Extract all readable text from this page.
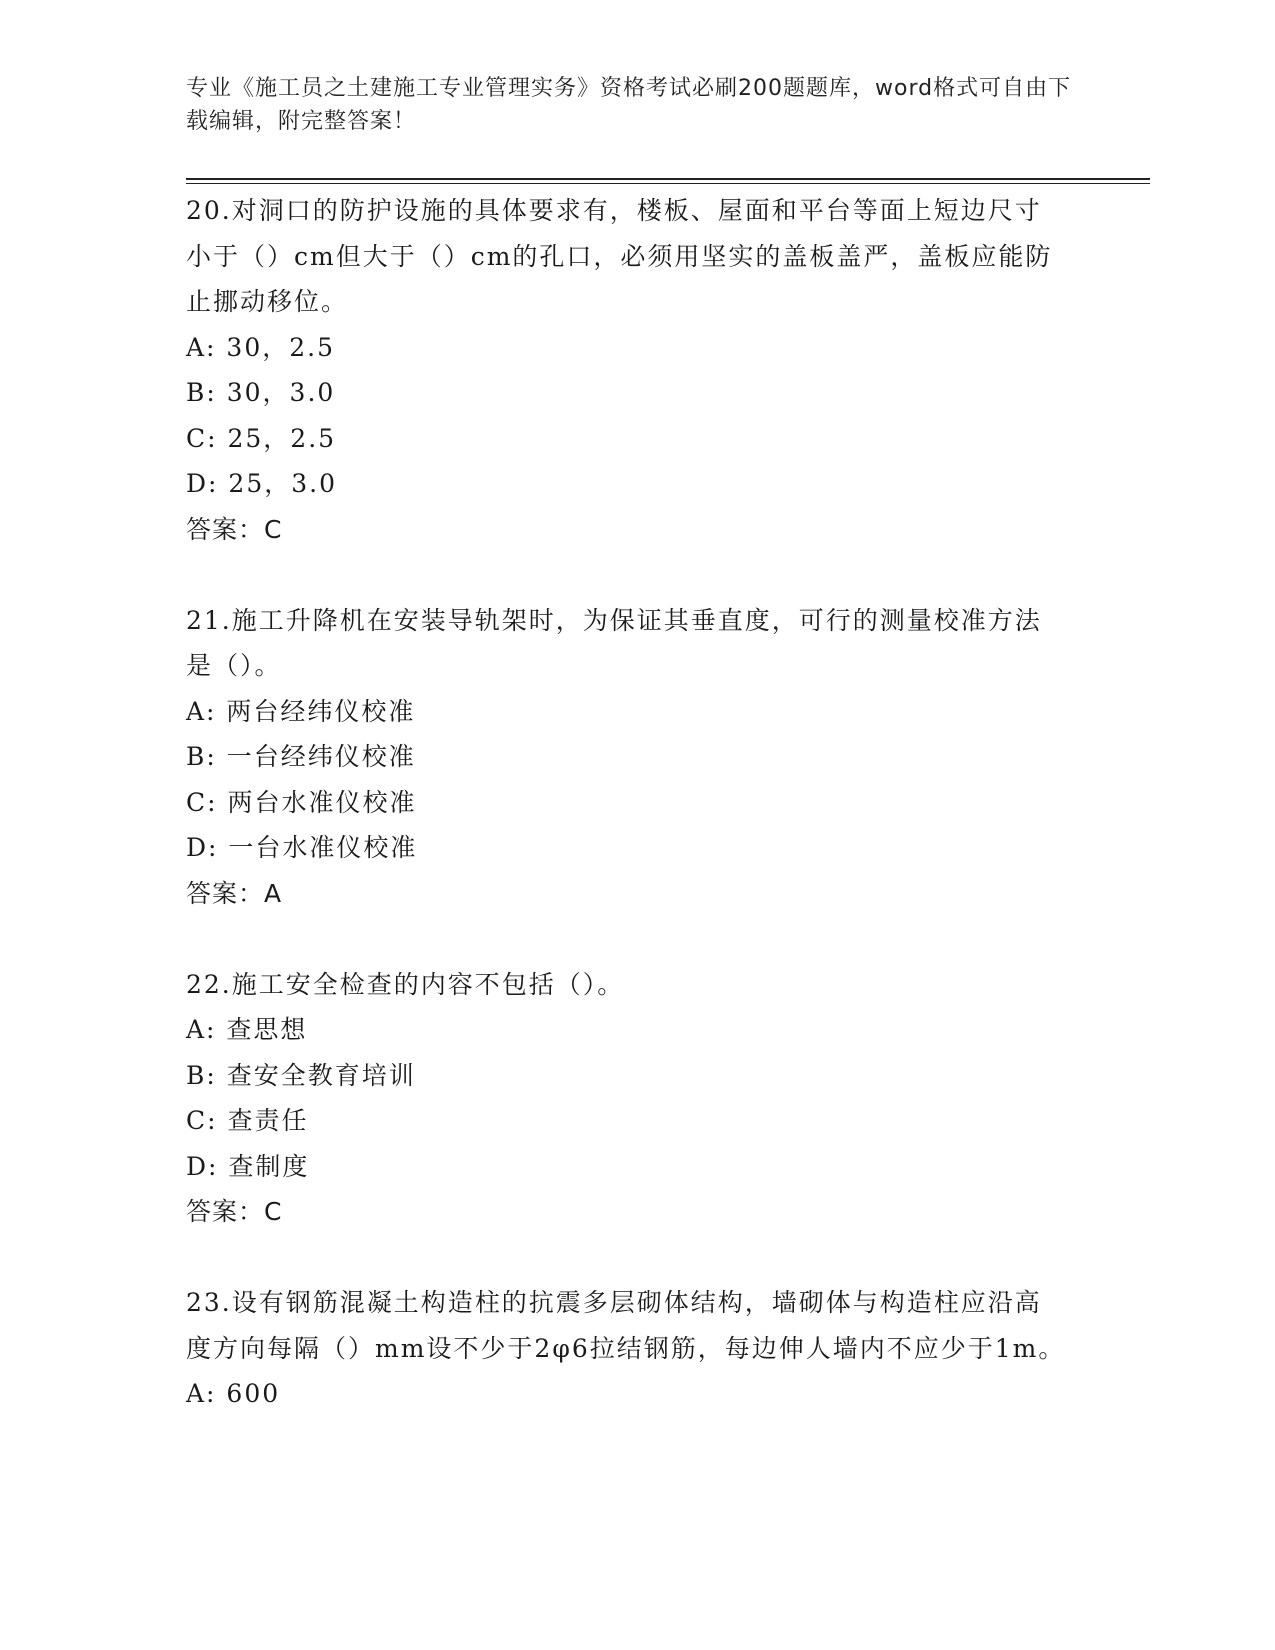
专业《施工员之土建施工专业管理实务》资格考试必刷200题题库，word格式可自由下载编辑，附完整答案！
20.对洞口的防护设施的具体要求有，楼板、屋面和平台等面上短边尺寸小于（）cm但大于（）cm的孔口，必须用坚实的盖板盖严，盖板应能防止挪动移位。
A: 30，2.5
B: 30，3.0
C: 25，2.5
D: 25，3.0
答案：C
21.施工升降机在安装导轨架时，为保证其垂直度，可行的测量校准方法是（）。
A: 两台经纬仪校准
B: 一台经纬仪校准
C: 两台水准仪校准
D: 一台水准仪校准
答案：A
22.施工安全检查的内容不包括（）。
A: 查思想
B: 查安全教育培训
C: 查责任
D: 查制度
答案：C
23.设有钢筋混凝土构造柱的抗震多层砌体结构，墙砌体与构造柱应沿高度方向每隔（）mm设不少于2φ6拉结钢筋，每边伸人墙内不应少于1m。
A: 600
